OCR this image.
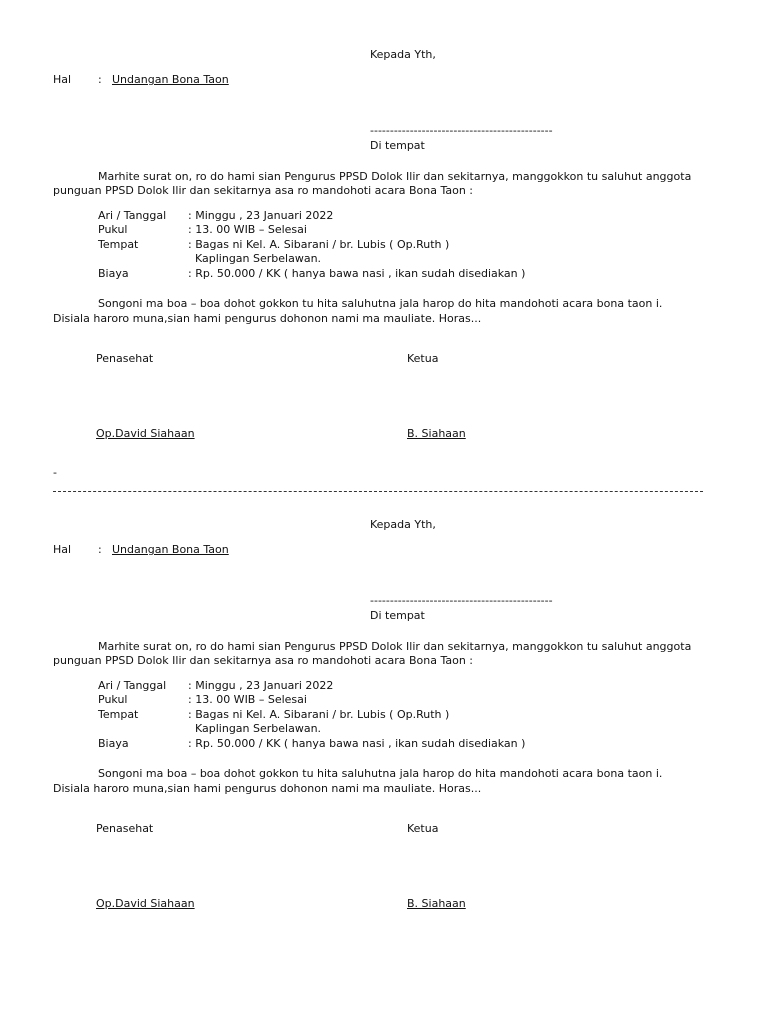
Kepada Yth,
Hal : Undangan Bona Taon
----------------------------------------------
Di tempat
Marhite surat on, ro do hami sian Pengurus PPSD Dolok Ilir dan sekitarnya, manggokkon tu saluhut anggota
punguan PPSD Dolok Ilir dan sekitarnya asa ro mandohoti acara Bona Taon :
Ari / Tanggal : Minggu , 23 Januari 2022
Pukul	: 13. 00 WIB – Selesai
Tempat	: Bagas ni Kel. A. Sibarani / br. Lubis ( Op.Ruth )
Kaplingan Serbelawan.
Biaya	: Rp. 50.000 / KK ( hanya bawa nasi , ikan sudah disediakan )
Songoni ma boa – boa dohot gokkon tu hita saluhutna jala harop do hita mandohoti acara bona taon i.
Disiala haroro muna,sian hami pengurus dohonon nami ma mauliate. Horas...
Penasehat	Ketua
Op.David Siahaan	B. Siahaan
-
Kepada Yth,
Hal : Undangan Bona Taon
----------------------------------------------
Di tempat
Marhite surat on, ro do hami sian Pengurus PPSD Dolok Ilir dan sekitarnya, manggokkon tu saluhut anggota
punguan PPSD Dolok Ilir dan sekitarnya asa ro mandohoti acara Bona Taon :
Ari / Tanggal : Minggu , 23 Januari 2022
Pukul	: 13. 00 WIB – Selesai
Tempat	: Bagas ni Kel. A. Sibarani / br. Lubis ( Op.Ruth )
Kaplingan Serbelawan.
Biaya	: Rp. 50.000 / KK ( hanya bawa nasi , ikan sudah disediakan )
Songoni ma boa – boa dohot gokkon tu hita saluhutna jala harop do hita mandohoti acara bona taon i.
Disiala haroro muna,sian hami pengurus dohonon nami ma mauliate. Horas...
Penasehat	Ketua
Op.David Siahaan	B. Siahaan
